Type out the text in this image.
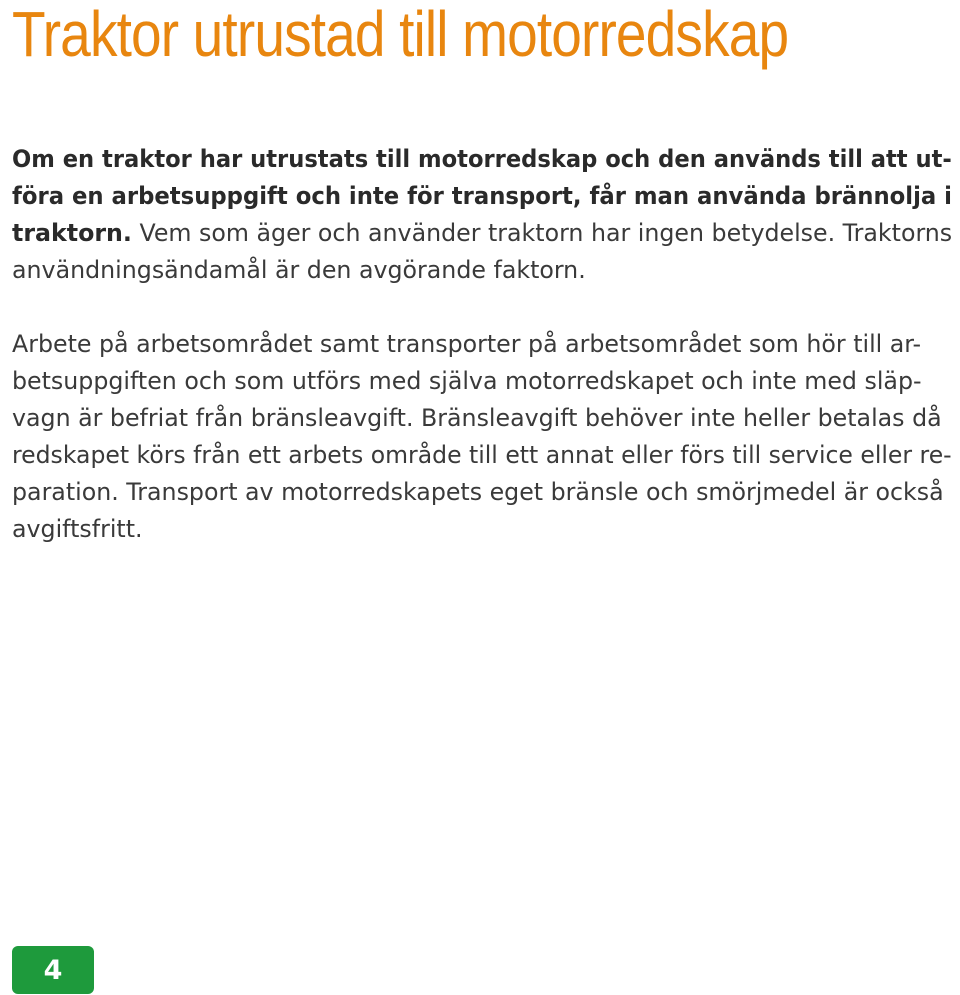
Traktor utrustad till motorredskap

Om en traktor har utrustats till motorredskap och den används till att ut-
föra en arbetsuppgift och inte för transport, får man använda brännolja i
traktorn. Vem som äger och använder traktorn har ingen betydelse. Traktorns
användningsändamål är den avgörande faktorn.

Arbete på arbetsområdet samt transporter på arbetsområdet som hör till ar-
betsuppgiften och som utförs med själva motorredskapet och inte med släp-
vagn är befriat från bränsleavgift. Bränsleavgift behöver inte heller betalas då
redskapet körs från ett arbets område till ett annat eller förs till service eller re-
paration. Transport av motorredskapets eget bränsle och smörjmedel är också
avgiftsfritt.

4
